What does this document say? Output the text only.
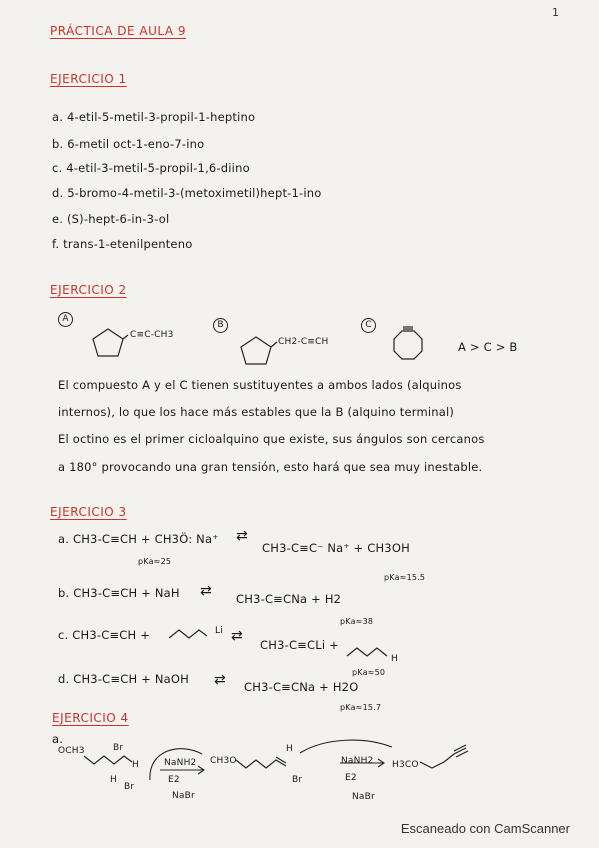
1
PRÁCTICA DE AULA 9
EJERCICIO 1
a. 4-etil-5-metil-3-propil-1-heptino
b. 6-metil oct-1-eno-7-ino
c. 4-etil-3-metil-5-propil-1,6-diino
d. 5-bromo-4-metil-3-(metoximetil)hept-1-ino
e. (S)-hept-6-in-3-ol
f. trans-1-etenilpenteno
EJERCICIO 2
A
B	C
C≡C-CH3
CH2-C≡CH	A > C > B
El compuesto A y el C tienen sustituyentes a ambos lados (alquinos
internos), lo que los hace más estables que la B (alquino terminal)
El octino es el primer cicloalquino que existe, sus ángulos son cercanos
a 180° provocando una gran tensión, esto hará que sea muy inestable.
EJERCICIO 3
a. CH3-C≡CH + CH3Ö: Na⁺ ⇄
CH3-C≡C⁻ Na⁺ + CH3OH
pKa≈25
pKa≈15.5
b. CH3-C≡CH + NaH ⇄ CH3-C≡CNa + H2
pKa≈38
c. CH3-C≡CH +	Li ⇄
CH3-C≡CLi +
H
pKa≈50
d. CH3-C≡CH + NaOH ⇄ CH3-C≡CNa + H2O
pKa≈15.7
EJERCICIO 4
a.
OCH3	Br
H
Br
H	NaNH2
E2
NaBr
CH3O
H
Br
NaNH2
E2
NaBr
H3CO
Escaneado con CamScanner
